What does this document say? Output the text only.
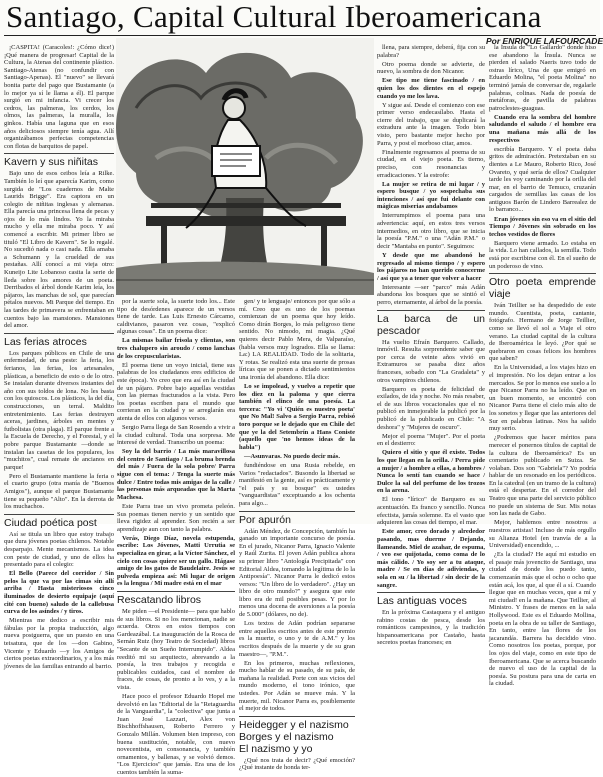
Santiago, Capital Cultural Iberoamericana
Por ENRIQUE LAFOURCADE

¡CASPITA! (Caracoles!: ¿Cómo dice!) ¡Qué manera de progresar! Capital de la Cultura, la Atenas del continente plástico. Santiago-Atenas (no confundir con Santiago-Apenas). El "nuevo" se llevará bonita parte del pago que Bustamante (a lo mejor ya sí le llama a él). El parque surgió en mi infancia. Vi crecer los cedros, las palmeras, los cerdos, los olmos, las palmeras, la muralla, los ginkos. Había una laguna que en esos años deliciosos siempre tenía agua. Allí organizábamos perfectas competencias con flotas de barquitos de papel.

Kavern y sus niñitas

Bajo uno de esos ceibos leía a Rilke. También lo leí que aparecía Karim, como surgida de "Los cuadernos de Malte Laurids Brigge". Era captora en un colegio de niñitas inglesas y alemanas. Ella parecía una princesa llena de pecas y ojos de lo más lindos. Yo la miraba mucho y ella me miraba poco. Y así comencé a escribir. Mi primer libro se tituló "El Libro de Kavern". Se lo regalé. No sucedió nada o casi nada. Ella amaba a Schumann y la crueldad de sus pestañas. Allí conocí a mi vieja otro: Kuneijo Lite Lobanoso casita la serie de lleda sobre los amores de un poeta. Derribados el árbol donde Karim leía, los pájaros, las manchas de sol, que parecían pétalos nuevos. Mi Parque del tiempo. En las tardes de primavera se enfrentaban en cuentos bajo las mansiones. Mansiones del amor.

Las ferias atroces

Los parques públicos en Chile de una enfermedad, de una peste: la feria, los ferianos, las ferias, los artesanales, plásticas, a beneficio de esto o de lo otro. Se instalan durante diversos instantes del año con sus toldos de lona. No les basta con los quioscos. Los plásticos, la del día, construcciones, un terral. Maldito entretenimiento. Las ferias destruyen aceras, jardines, árboles en mentes y futbolistas (otra plaga). El parque frente a la Escuela de Derecho, y el Forestal, y el pobre parque Bustamante —donde se instalan las casetas de los populares, los "muchitos", cual remate de ancianos en parque!

Pero el Bustamante mantiene la feria o el cuarto grupo (otra manía de "Buenos Amigos"), aunque el parque Bustamante tiene su pequeño "Alto". En la derrota de los muchachos.

Ciudad poética post

Así se titula un libro que estoy trabajo que dura jóvenes poetas chilenos. Notable desparpajo. Mente mecanismos. La idea con peste de ciudad, y uno de ellos ha presentado para el colegio:

El Bello (Parece del corridor / Sin pelos la que va por las cimas sin allí arriba / Hasta misteriosos cinco iluminados de desierto equipaje (aquí cité con bueno) saludo de la callebusa curva de los asíndes / y tiros.

Mientras me dedico a escribir mis fábulas por la propia traducción, algo nueva postguerra, que un puesto en una teisatura, que de los —don Gabino, Vicente y Eduardo —y los Amigos de ciertos poetas extraordinarios, y a los más jóvenes de las familias entrando al barrio.

por la suerte sola, la suerte todo los... Este tipo de desórdenes aparece de un versos tiene de tarde. Las Luis Ernesto Cárcamo, caldivianos, pasaron vez cosas, "explicó algunas cosas". En un poema dice:

La mismas bailar frisola y clientas, son tres chalupero sin aroudo / como lanchas de los crepuscularistas.

El poema tiene un voyo inicial, tiene sus palabras de los ciudadanos eres edificios de este época). Yo creo que era así en la ciudad de un pájaro. Pobre bajo aquellas vestidas con las piernas fracturados a la vista. Pero los poetas escriben para el mundo que corrieran en la ciudad y se arreglarán era atenta de ellos con algunos versos.

Sergio Parra llega de San Rosendo a vivir a la ciudad cultural. Toda una sorpresa. Me interesé de verdad. Transcribo un poema:

Soy la del barrio / La más maravillosa del centro de Santiago / La bruma brenda del más / Fuera de la sola pobre/ Parra sigue con el tema: / Tenga la suerte más dulce / Entre todas mis amigas de la calle / las personas más arqueadas que la Marta Machesa.

Este Parra trae un vivo prometa peleón. Sus poemas tienen nervio y un sentido que lleva rigidez al aprender. Son recién a ser aprendizaje aun con tanto la palabra.

Verás, Diego Díaz, novela estupenda, escribe: Los Jóvenes, Matti Urrutia se especializa en girar, a la Víctor Sánchez, el cielo con cosas quiere ser un gallo. Hágase amigo de los gatos de Baudelaire. Jesús se pulveda empieza así: Mi lugar de origen es la lengua / Mi madre está en el mar

Rescatando libros

Me piden —el Presidente— para que hablo de sus libros. Si no los mencionan, nadie se acuerda. Otros en estos tiempos con Gardeazábal. La inauguración de la Rosca de Sernán Ruiz (hoy Teatro de Sociedad) libros "Secante de un Sueño Interrumpido". Aldea reeditó mi su arquitecto, abrevando a la poesía, la tres trabajos y recogida e publicables cuidados, casi el nombre de fraces, de cosas, de pronto a lo ves, y a la vista.

Hace poco el profesor Eduardo Hopel me devolvió en las "Editorial de la "Retaguardia de la Vanguardia", la "colectiva" que junta a Juan José Lazzari, Alex von Bischhoffshausen, Roberto Ferrero y Gonzalo Millán. Volumen bien impreso, con buena sustitución, notable, con nuevo novecentista, en consonancia, y también ornamentos, y ballenas, y se volvió demos. "Los Ejercicios" que jamás. Era una de los cuentos también la suma-

gen/ y te lenguaje/ entonces por que sólo a mí. Creo que es uno de los poemas comienzan de un poema que hoy leído. Como dirán Borges, lo más peligroso tiene sentido. No nimodo, mi magia. ¿Qué quieres decir Pablo Mera, de Valparaíso, (habla versos muy logrados. Ella se llama: La:) LA REALIDAD. Todo de la solitaria, Y rotas. Se realizó esta una suerte de prosas líricas que se ponen a dictado sentimientos una ironía del abandono. Ella dice:

Lo se impolead, y vuelvo a repetir que los diez en la paloma y que cierra también el elinco de una poesía. La tercera: "Yo vi 'Quién es nuestro poeta' que No Mal! Salvo a Sergio Parra, rebisó toro porque se le dejado que en Chile de! que ye la del Setembrín a Hans Coniste (aquello que 'no hemos ideas de la habla")

—Asunvaras. No puedo decir más.

fundiéndose en una Rusia rebelde, en Varios "redactados". Busondo la libertad se manifestó en la gente, así es prácticamente y "el país y su bosque" es ustedes "vanguardistas" exceptuando a los ochenta para algo...

Por apurón

Adán Méndez, de Concepción, también ha ganado un importante concurso de poesía. En el jurado, Nicanor Parra, Ignacio Valente y Raúl Zurita. El joven Adán publica ahora su primer libro "Antología Precipitada" con Editorial Aldea, tomando la legítima de lo la Antipoesía". Nicanor Parra le dedicó estos versos: "Un libro de lo verdadero". ¿Hay un libro de otro mundo?" y asegura que este libro era de mil posibles pesas. Y por lo menos una docena de aversiones a la poesía de 5.000" (dólares, no de).

Los textos de Adán podrían separarse entre aquellos escritos antes de este premio es la muerte, o uno y te de A.M." y los escritos después de la muerte y de su gran maestro—, "P.M.".

En los primeros, muchas reflexiones, mucho hablar de su pasado, de su país, de mañana la realidad. Porte con sus vicios del mundo moderno, el tono irónico, que ustedes. Por Adán se mueve más. Y la muerte, mil. Nicanor Parra es, posiblemente el mejor de todos.

Heidegger y el nazismo
Borges y el nazismo
El nazismo y yo

¿Qué nos trata de decir? ¿Qué emoción? ¿Qué instante de honda ter-

llena, para siempre, deberá, fija con su palabra?

Otro poema donde se advierte, de nuevo, la sombra de don Nicanor.

Ese tipo me tiene fascinado / en quien los dos dientes en el espejo cuando yo me los lava.

Y sigue así. Desde el comienzo con ese primer verso endecasílabo. Hasta el cierre del trabajo, que se duplicará la extradura ante la imagen. Todo bien visto, pero bastante mejor hecho por Parra, y post el morboso citar, amos.

Finalmente regresamos al poema de su ciudad, en el viejo poeta. Es tierno, preciso, con resonancias y erradicaciones. Y la estrofe:

La mujer se retira de mi lugar / y espero busque / yo sospechaba sus intenciones / así que fui delante con mágicas miserias andabamos

Interrumpimos el poema para una advertencia: aquí, en estos tres versos intermedios, en otro libro, que se inicia la poesía "P.M." o una "Adán P.M." o decir "Mantaba en punto". Seguimos:

Y desde que me abandonó he regresado al mismo tiempo / y espero los pájaros no han querido conocerme / así que ya a tener que volver a hacer

Interesante —ser "parco" más Adán abandona los bosques que se sintió el perro, eternamente, al árbol de la poesía.

La barca de un pescador

Ha vuelto Efraín Barquero. Callado, inmóvil. Resulta sorprendente saber que por cerca de veinte años vivió en Extramuros se pasaba diez años franceses, sobado con "La Gradaleta" y otros vampiros chilenos.

Barquero es poeta de felicidad de exilados, de ida y noche. No más resaber, el de sus libros vocacionales que el no publicó en inmejorable la publicó por la publicó de la publicado en Chile: "A deshora" y "Mujeres de oscuro".

Mejor el poema "Mujer". Por el poeta en el destierro:

Quiero el sitio y que él existe. Todos los que llegan en la orilla. / Perra pide a mujer / a hombre a ellas, a hombres / Nunca lo sentí tan cuando se hace / Dulce la sal del perfume de los trozos en la arena.

El tono "lírico" de Barquero es su acentuación. Es franco y sencillo. Nunca efectista, jamás solemne. Es el vasto que adquieren las cosas del tiempo, el mar.

Este amor, creo dorado y alrededor pasando, mas duerme / Dejando, llameando. Miel de azahar, de espuma, / veo ese quijotada, como coma de lo más cálido. / Yo soy ser a tu ataque, madre / Se en días de adiviendas, y sola en su / la libertad / sin decir de la sangre.

Las antiguas voces

En la próxima Castaquera y el antiguo rabino costas de pesca, desde los románticos campesinos, y la tradición hispanoamericana por Castaño, hasta secretos poetas franceses; en

la Ínsula de "Lo Gallardo" donde hiso ese abandono la Ínsula. Nunca se pierden el salado Naeris tuvo todo de ostras lírico, Una de que emigró en Eduardo Molina, "el poeta Molina" no terminó jamás de conversar de, regalarle palabras, colinas. Nada de poesía de metáforas, de pavilla de palabras patroclestes-guaguas.

Cuando era la sombra del hombre saludando el saludo / el hombre era una mañana más allá de los respectivos

escribía Barquero. Y el poeta daba gritos de admiración. Pretextaban en su dientes a Le Mauro, Roberto Rico, José Ovareto, y qué sería de ellos? Cualquier tarde les voy caminando por la orilla del mar, en el barrio de Temuco, cruzarán cargados de semillas las casas de los antiguos Barón de Lindero Barrealez de lo barranco...

Eran jóvenes sin eso va en el sitio del Tiempo / Jóvenes sin sobrado en los techos vestidos de flores

Barquero viene armado. Lo estaba en la vida. Lo han callados, la semilla. Todo está por escribirse con él. En el sueño de un poderoso de vino.

Otro poeta emprende viaje

Iván Teillier se ha despedido de este mundo. Cuentista, poeta, cantante, fotógrafo. Hermano de Jorge Teillier, como se llevó el sol a Viaje el otro verano. La ciudad capital de la cultura de Iberoamérica le leyó. ¿Por qué se quebraron en cosas felices los hombres que saben?

En la Universidad, a los viajes hizo en el impresión. No los dejan entrar a los mercados. Se por lo menos ese suelo a lo que Nicanor Parra no ha leído. Que en un buen momento, se encontró con Nicanor Parra tiene el cielo más alto de los sonetos y llegar que las anteriores del Sur en palabras latinas. Nos ha salido muy serio.

¿Podremos que hacer méritos para merecer el ponernos títulos de capital de la cultura de Iberoamérica? Es un comentario publicado en Suiza. Se volaban. Dos son "Gabriela"? Yo podría hablar de un resonado en los periódicos. En la catedral (en un tramo de la cultura) está el despertar. En el corredor del Teatro que una parte del servicio público no puede un sistema de Sur. Mis notas son las nada de Gabo.

Mejor, hablemos entre nosotros a nuestros artistas! Incluso de más orgullo su Alianza Hotel (en tranvía de a la Universidad) encendido, ...

¿Es la ciudad? He aquí mi estudio en el pasaje más jovencito de Santiago, una ciudad de donde los puedo tanto, comenzarán más que el ocho o ocho que están acá, los que, al que él a sí. Cuando llegue que en muchas veces, que a mí y mi ciudad! en la mañana. Que Teillier, al Ministro. Y frases de menos en la sala Hollywood. Este es el Eduardo Mollina, poeta en la obra de su taller de Santiago, En tanto, entre las flores de los jacarandás. Barrera ha decidido vino. Como nosotros los poetas, porque, por los ojos del viaje, como en este tipo de Iberoamericana. Que se acerca buscando de nuevo el uso de la capital de la poesía. Su postura para una de carta en la ciudad.
